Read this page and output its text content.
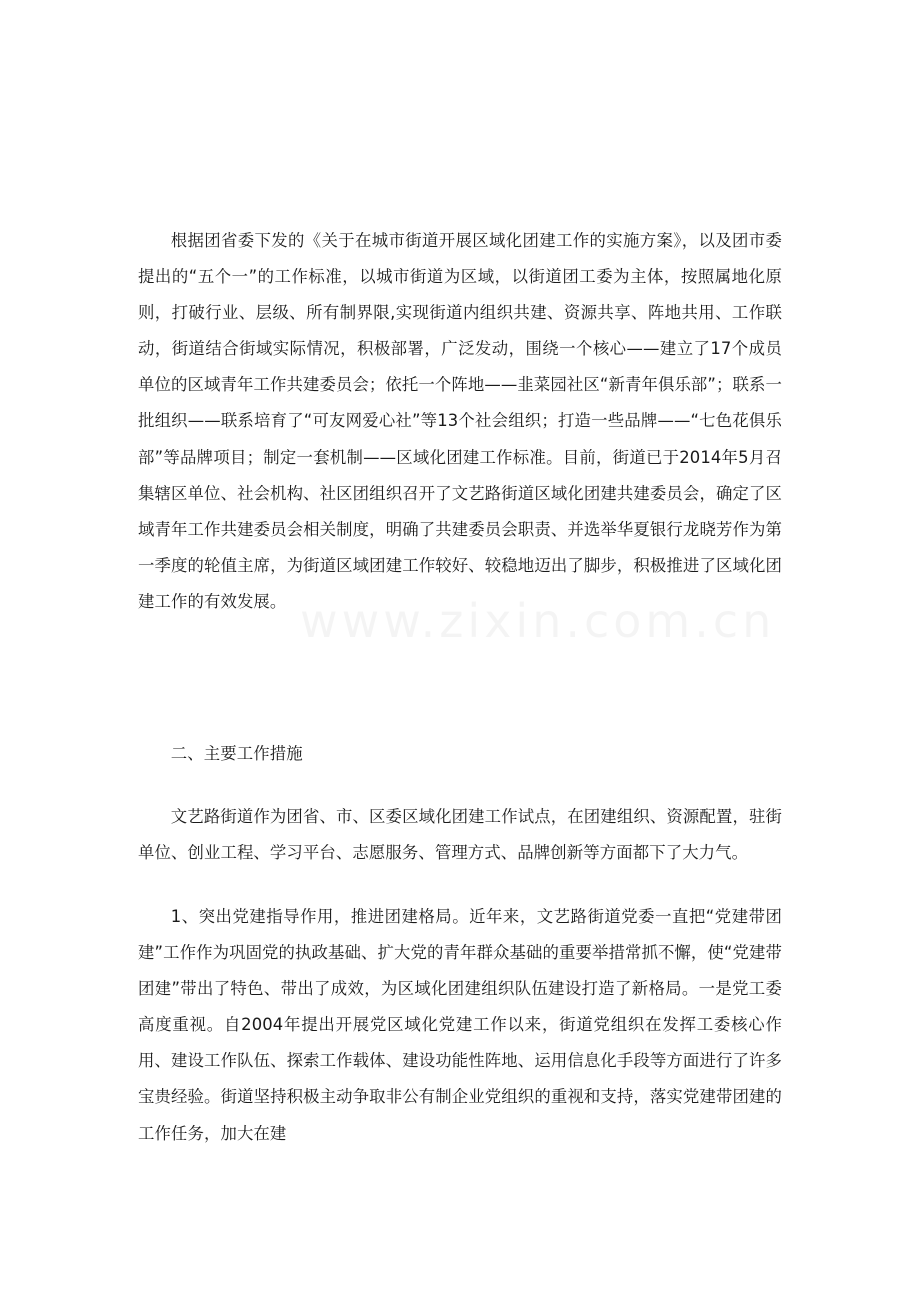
根据团省委下发的《关于在城市街道开展区域化团建工作的实施方案》，以及团市委提出的“五个一”的工作标准，以城市街道为区域，以街道团工委为主体，按照属地化原则，打破行业、层级、所有制界限,实现街道内组织共建、资源共享、阵地共用、工作联动，街道结合街域实际情况，积极部署，广泛发动，围绕一个核心——建立了17个成员单位的区域青年工作共建委员会；依托一个阵地——韭菜园社区“新青年俱乐部”；联系一批组织——联系培育了“可友网爱心社”等13个社会组织；打造一些品牌——“七色花俱乐部”等品牌项目；制定一套机制——区域化团建工作标准。目前，街道已于2014年5月召集辖区单位、社会机构、社区团组织召开了文艺路街道区域化团建共建委员会，确定了区域青年工作共建委员会相关制度，明确了共建委员会职责、并选举华夏银行龙晓芳作为第一季度的轮值主席，为街道区域团建工作较好、较稳地迈出了脚步，积极推进了区域化团建工作的有效发展。

二、主要工作措施

文艺路街道作为团省、市、区委区域化团建工作试点，在团建组织、资源配置，驻街单位、创业工程、学习平台、志愿服务、管理方式、品牌创新等方面都下了大力气。

1、突出党建指导作用，推进团建格局。近年来，文艺路街道党委一直把“党建带团建”工作作为巩固党的执政基础、扩大党的青年群众基础的重要举措常抓不懈，使“党建带团建”带出了特色、带出了成效，为区域化团建组织队伍建设打造了新格局。一是党工委高度重视。自2004年提出开展党区域化党建工作以来，街道党组织在发挥工委核心作用、建设工作队伍、探索工作载体、建设功能性阵地、运用信息化手段等方面进行了许多宝贵经验。街道坚持积极主动争取非公有制企业党组织的重视和支持，落实党建带团建的工作任务，加大在建
